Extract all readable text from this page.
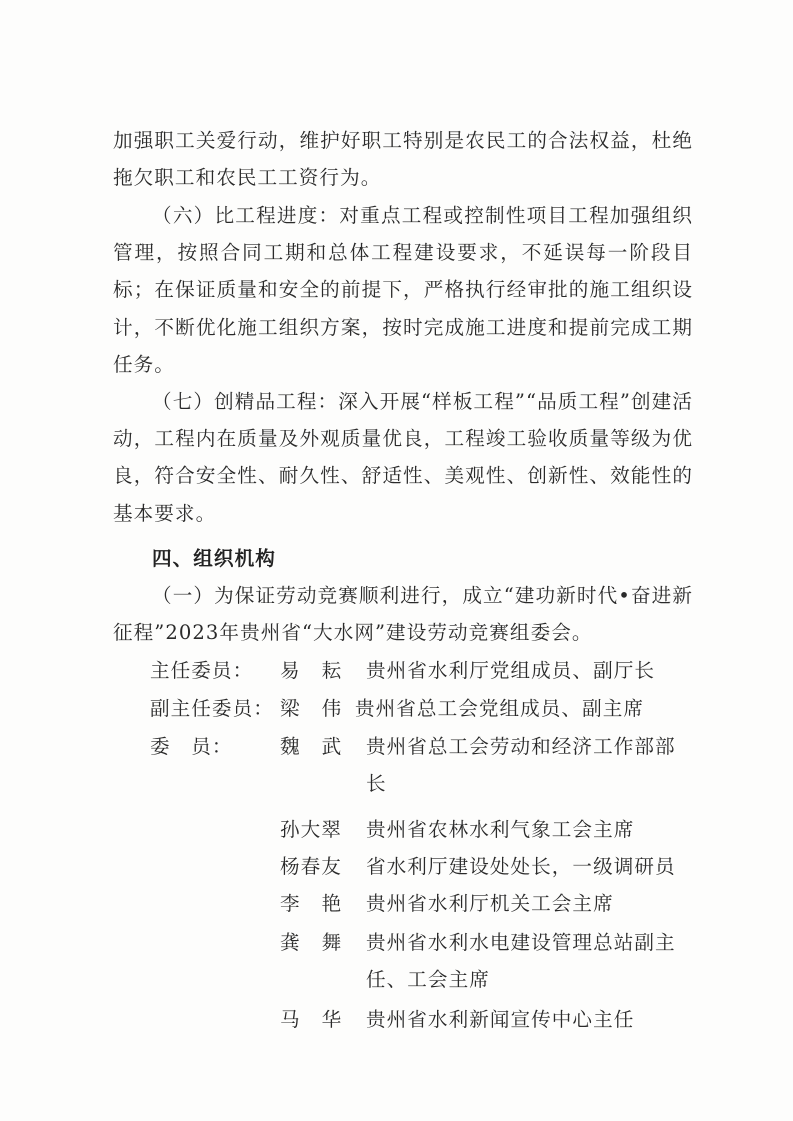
加强职工关爱行动，维护好职工特别是农民工的合法权益，杜绝拖欠职工和农民工工资行为。

（六）比工程进度：对重点工程或控制性项目工程加强组织管理，按照合同工期和总体工程建设要求，不延误每一阶段目标；在保证质量和安全的前提下，严格执行经审批的施工组织设计，不断优化施工组织方案，按时完成施工进度和提前完成工期任务。

（七）创精品工程：深入开展“样板工程”“品质工程”创建活动，工程内在质量及外观质量优良，工程竣工验收质量等级为优良，符合安全性、耐久性、舒适性、美观性、创新性、效能性的基本要求。

四、组织机构

（一）为保证劳动竞赛顺利进行，成立“建功新时代•奋进新征程”2023年贵州省“大水网”建设劳动竞赛组委会。

主任委员： 易耘 贵州省水利厅党组成员、副厅长
副主任委员： 梁伟
贵州省总工会党组成员、副主席
委　员： 魏武 贵州省总工会劳动和经济工作部部长
孙大翠 贵州省农林水利气象工会主席
杨春友 省水利厅建设处处长，一级调研员
李艳 贵州省水利厅机关工会主席
龚舞 贵州省水利水电建设管理总站副主任、工会主席
马华 贵州省水利新闻宣传中心主任
